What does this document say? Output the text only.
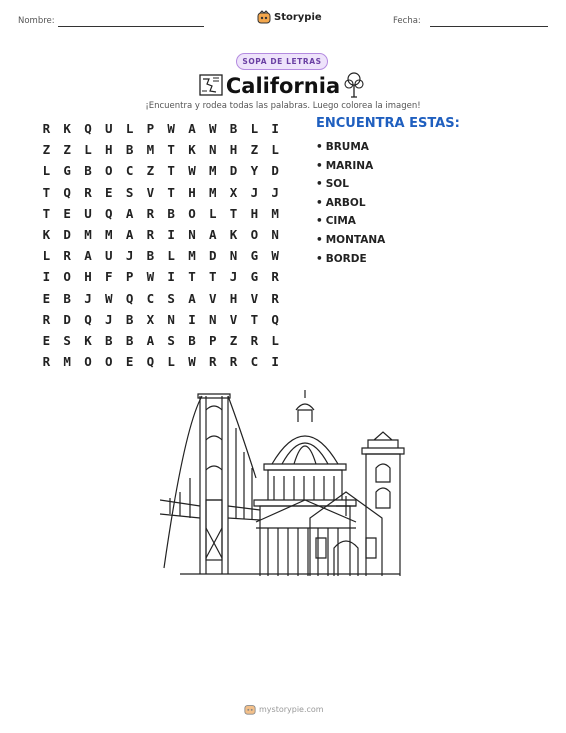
Nombre:	Storypie	Fecha:
SOPA DE LETRAS
California
¡Encuentra y rodea todas las palabras. Luego colorea la imagen!
R	K	Q	U	L	P	W	A	W	B	L	I
Z	Z	L	H	B	M	T	K	N	H	Z	L
L	G	B	O	C	Z	T	W	M	D	Y	D
T	Q	R	E	S	V	T	H	M	X	J	J
T	E	U	Q	A	R	B	O	L	T	H	M
K	D	M	M	A	R	I	N	A	K	O	N
L	R	A	U	J	B	L	M	D	N	G	W
I	O	H	F	P	W	I	T	T	J	G	R
E	B	J	W	Q	C	S	A	V	H	V	R
R	D	Q	J	B	X	N	I	N	V	T	Q
E	S	K	B	B	A	S	B	P	Z	R	L
R	M	O	O	E	Q	L	W	R	R	C	I
ENCUENTRA ESTAS:
• BRUMA
• MARINA
• SOL
• ARBOL
• CIMA
• MONTANA
• BORDE
mystorypie.com
